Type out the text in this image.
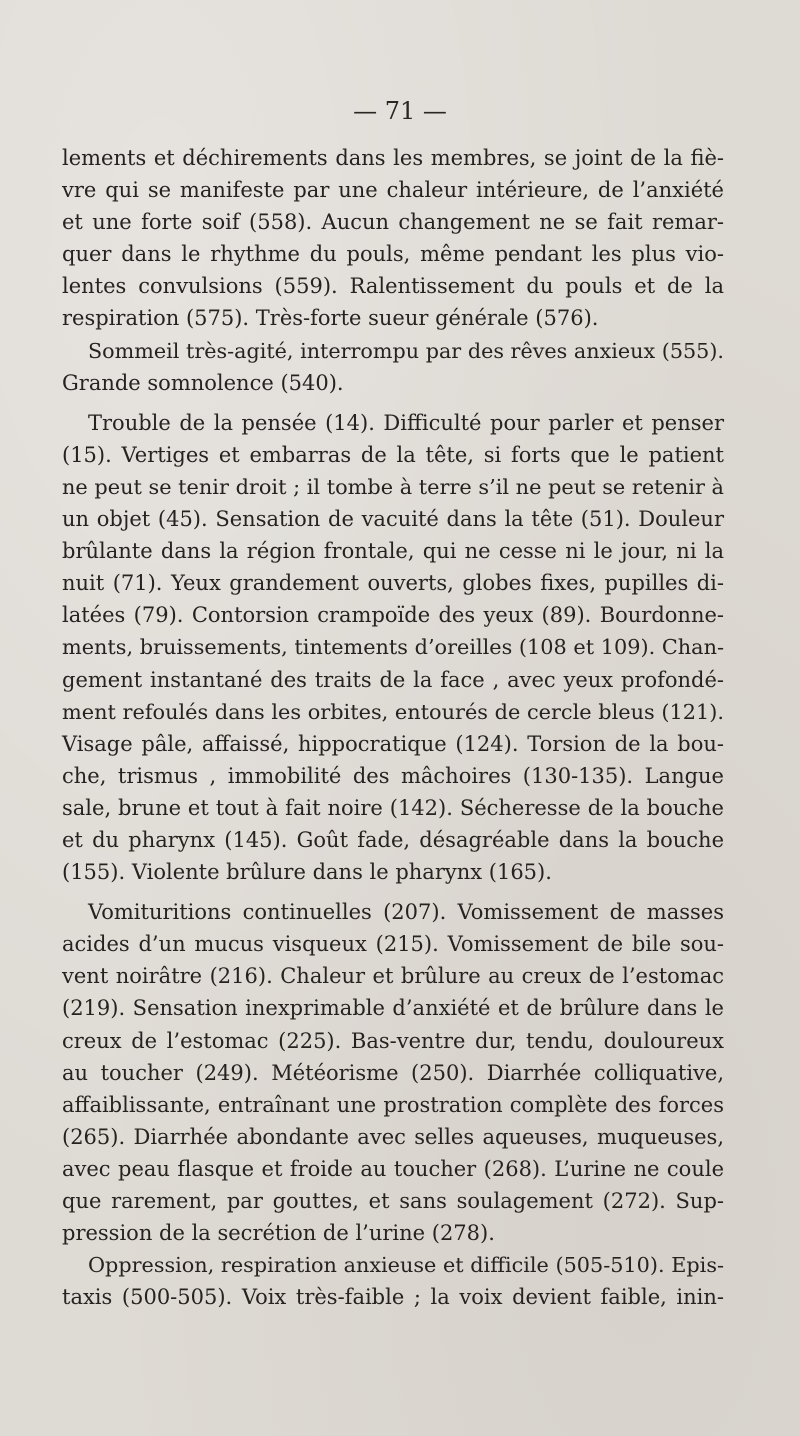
— 71 —
lements et déchirements dans les membres, se joint de la fiè-
vre qui se manifeste par une chaleur intérieure, de l’anxiété
et une forte soif (558). Aucun changement ne se fait remar-
quer dans le rhythme du pouls, même pendant les plus vio-
lentes convulsions (559). Ralentissement du pouls et de la
respiration (575). Très-forte sueur générale (576).
Sommeil très-agité, interrompu par des rêves anxieux (555).
Grande somnolence (540).
Trouble de la pensée (14). Difficulté pour parler et penser
(15). Vertiges et embarras de la tête, si forts que le patient
ne peut se tenir droit ; il tombe à terre s’il ne peut se retenir à
un objet (45). Sensation de vacuité dans la tête (51). Douleur
brûlante dans la région frontale, qui ne cesse ni le jour, ni la
nuit (71). Yeux grandement ouverts, globes fixes, pupilles di-
latées (79). Contorsion crampoïde des yeux (89). Bourdonne-
ments, bruissements, tintements d’oreilles (108 et 109). Chan-
gement instantané des traits de la face , avec yeux profondé-
ment refoulés dans les orbites, entourés de cercle bleus (121).
Visage pâle, affaissé, hippocratique (124). Torsion de la bou-
che, trismus , immobilité des mâchoires (130-135). Langue
sale, brune et tout à fait noire (142). Sécheresse de la bouche
et du pharynx (145). Goût fade, désagréable dans la bouche
(155). Violente brûlure dans le pharynx (165).
Vomituritions continuelles (207). Vomissement de masses
acides d’un mucus visqueux (215). Vomissement de bile sou-
vent noirâtre (216). Chaleur et brûlure au creux de l’estomac
(219). Sensation inexprimable d’anxiété et de brûlure dans le
creux de l’estomac (225). Bas-ventre dur, tendu, douloureux
au toucher (249). Météorisme (250). Diarrhée colliquative,
affaiblissante, entraînant une prostration complète des forces
(265). Diarrhée abondante avec selles aqueuses, muqueuses,
avec peau flasque et froide au toucher (268). L’urine ne coule
que rarement, par gouttes, et sans soulagement (272). Sup-
pression de la secrétion de l’urine (278).
Oppression, respiration anxieuse et difficile (505-510). Epis-
taxis (500-505). Voix très-faible ; la voix devient faible, inin-
